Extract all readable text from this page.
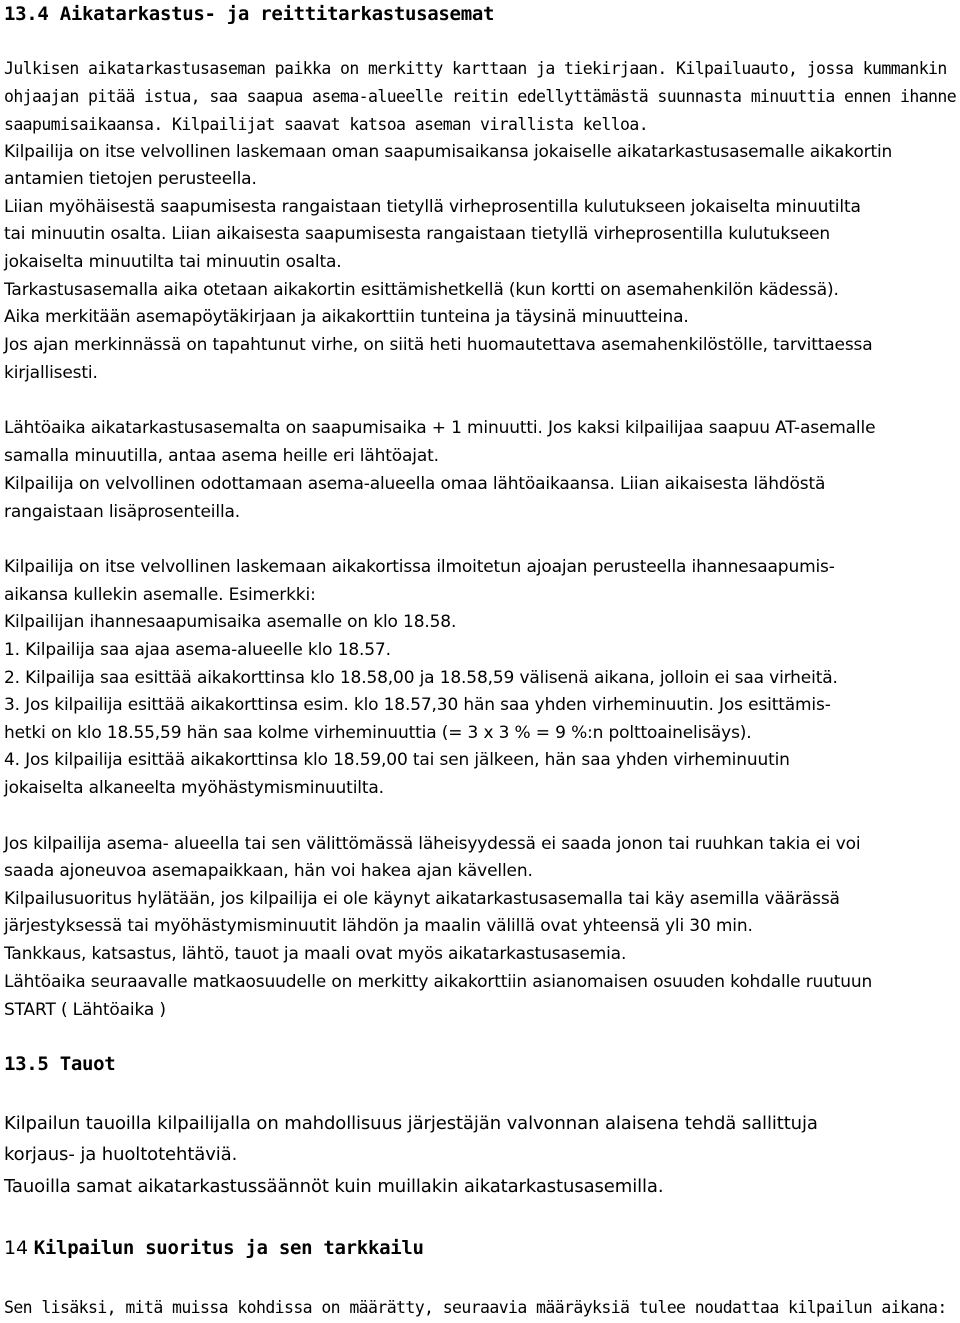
13.4 Aikatarkastus- ja reittitarkastusasemat
Julkisen aikatarkastusaseman paikka on merkitty karttaan ja tiekirjaan. Kilpailuauto, jossa kummankin
ohjaajan pitää istua, saa saapua asema-alueelle reitin edellyttämästä suunnasta minuuttia ennen ihanne
saapumisaikaansa. Kilpailijat saavat katsoa aseman virallista kelloa.
Kilpailija on itse velvollinen laskemaan oman saapumisaikansa jokaiselle aikatarkastusasemalle aikakortin
antamien tietojen perusteella.
Liian myöhäisestä saapumisesta rangaistaan tietyllä virheprosentilla kulutukseen jokaiselta minuutilta
tai minuutin osalta. Liian aikaisesta saapumisesta rangaistaan tietyllä virheprosentilla kulutukseen
jokaiselta minuutilta tai minuutin osalta.
Tarkastusasemalla aika otetaan aikakortin esittämishetkellä (kun kortti on asemahenkilön kädessä).
Aika merkitään asemapöytäkirjaan ja aikakorttiin tunteina ja täysinä minuutteina.
Jos ajan merkinnässä on tapahtunut virhe, on siitä heti huomautettava asemahenkilöstölle, tarvittaessa
kirjallisesti.
Lähtöaika aikatarkastusasemalta on saapumisaika + 1 minuutti. Jos kaksi kilpailijaa saapuu AT-asemalle
samalla minuutilla, antaa asema heille eri lähtöajat.
Kilpailija on velvollinen odottamaan asema-alueella omaa lähtöaikaansa. Liian aikaisesta lähdöstä
rangaistaan lisäprosenteilla.
Kilpailija on itse velvollinen laskemaan aikakortissa ilmoitetun ajoajan perusteella ihannesaapumis-
aikansa kullekin asemalle. Esimerkki:
Kilpailijan ihannesaapumisaika asemalle on klo 18.58.
1. Kilpailija saa ajaa asema-alueelle klo 18.57.
2. Kilpailija saa esittää aikakorttinsa klo 18.58,00 ja 18.58,59 välisenä aikana, jolloin ei saa virheitä.
3. Jos kilpailija esittää aikakorttinsa esim. klo 18.57,30 hän saa yhden virheminuutin. Jos esittämis-
hetki on klo 18.55,59 hän saa kolme virheminuuttia (= 3 x 3 % = 9 %:n polttoainelisäys).
4. Jos kilpailija esittää aikakorttinsa klo 18.59,00 tai sen jälkeen, hän saa yhden virheminuutin
jokaiselta alkaneelta myöhästymisminuutilta.
Jos kilpailija asema- alueella tai sen välittömässä läheisyydessä ei saada jonon tai ruuhkan takia ei voi
saada ajoneuvoa asemapaikkaan, hän voi hakea ajan kävellen.
Kilpailusuoritus hylätään, jos kilpailija ei ole käynyt aikatarkastusasemalla tai käy asemilla väärässä
järjestyksessä tai myöhästymisminuutit lähdön ja maalin välillä ovat yhteensä yli 30 min.
Tankkaus, katsastus, lähtö, tauot ja maali ovat myös aikatarkastusasemia.
Lähtöaika seuraavalle matkaosuudelle on merkitty aikakorttiin asianomaisen osuuden kohdalle ruutuun
START ( Lähtöaika )
13.5 Tauot
Kilpailun tauoilla kilpailijalla on mahdollisuus järjestäjän valvonnan alaisena tehdä sallittuja
korjaus- ja huoltotehtäviä.
Tauoilla samat aikatarkastussäännöt kuin muillakin aikatarkastusasemilla.
14 Kilpailun suoritus ja sen tarkkailu
Sen lisäksi, mitä muissa kohdissa on määrätty, seuraavia määräyksiä tulee noudattaa kilpailun aikana:
